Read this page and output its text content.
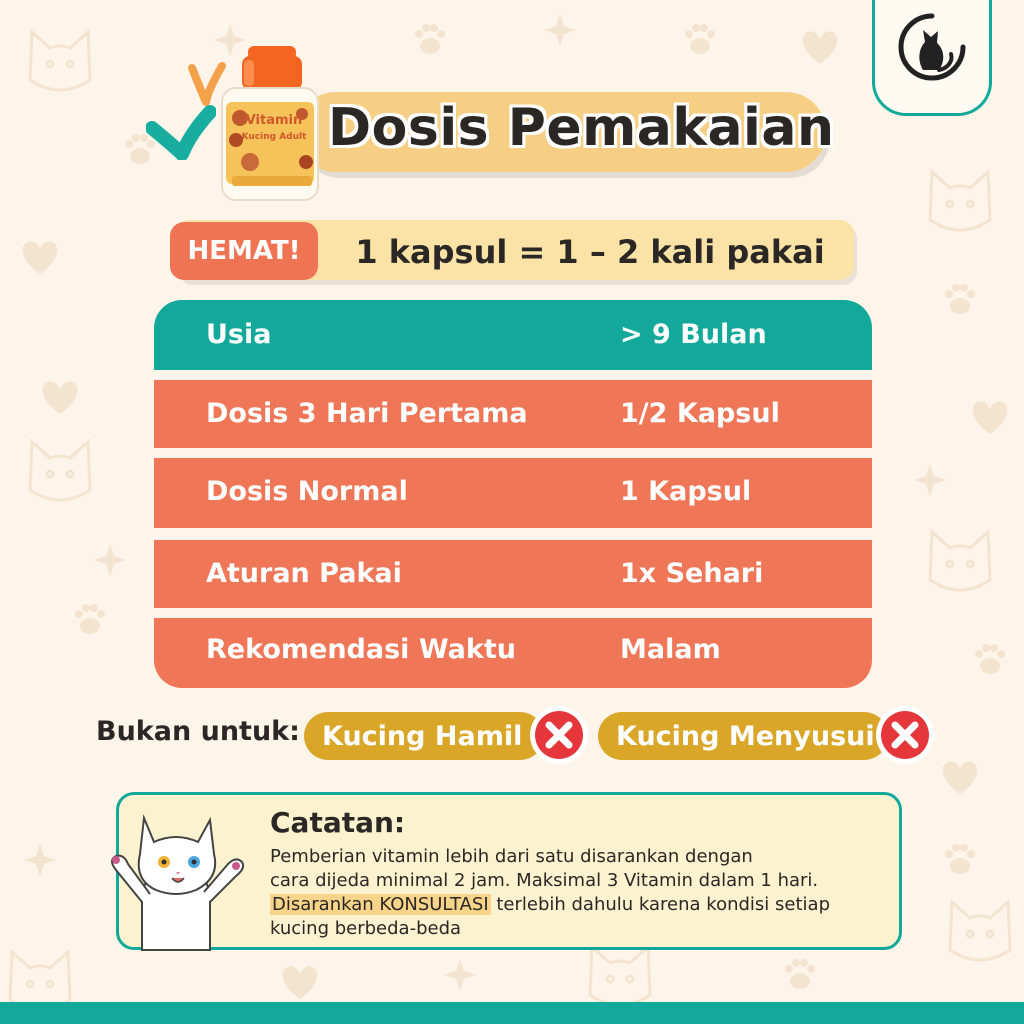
Dosis Pemakaian
Vitamin
Kucing Adult
HEMAT!	1 kapsul = 1 – 2 kali pakai
Usia	> 9 Bulan
Dosis 3 Hari Pertama	1/2 Kapsul
Dosis Normal	1 Kapsul
Aturan Pakai	1x Sehari
Rekomendasi Waktu	Malam
Bukan untuk: Kucing Hamil	Kucing Menyusui
Catatan:
Pemberian vitamin lebih dari satu disarankan dengan
cara dijeda minimal 2 jam. Maksimal 3 Vitamin dalam 1 hari.
Disarankan KONSULTASI terlebih dahulu karena kondisi setiap
kucing berbeda-beda
